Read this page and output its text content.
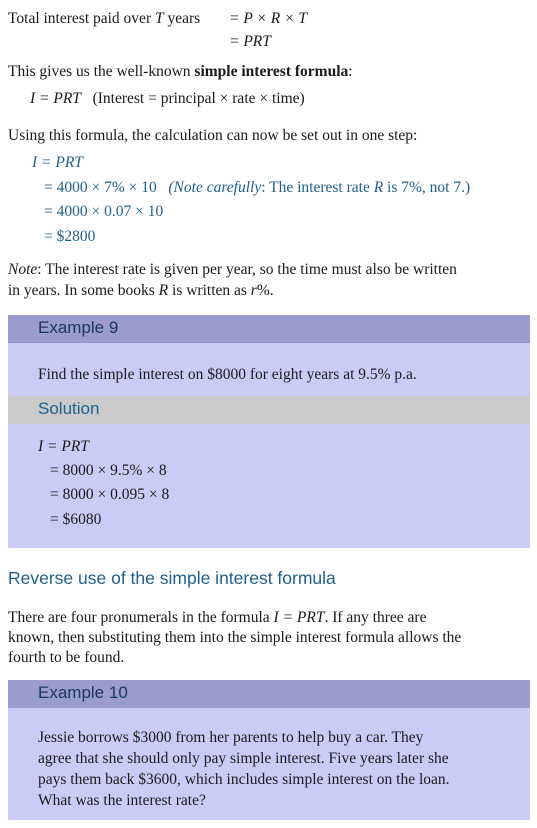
Total interest paid over T years = P × R × T
= PRT
This gives us the well-known simple interest formula:
I = PRT (Interest = principal × rate × time)
Using this formula, the calculation can now be set out in one step:
I = PRT
= 4000 × 7% × 10 (Note carefully: The interest rate R is 7%, not 7.)
= 4000 × 0.07 × 10
= $2800
Note: The interest rate is given per year, so the time must also be written
in years. In some books R is written as r%.
Example 9
Find the simple interest on $8000 for eight years at 9.5% p.a.
Solution
I = PRT
= 8000 × 9.5% × 8
= 8000 × 0.095 × 8
= $6080
Reverse use of the simple interest formula
There are four pronumerals in the formula I = PRT. If any three are
known, then substituting them into the simple interest formula allows the
fourth to be found.
Example 10
Jessie borrows $3000 from her parents to help buy a car. They
agree that she should only pay simple interest. Five years later she
pays them back $3600, which includes simple interest on the loan.
What was the interest rate?
